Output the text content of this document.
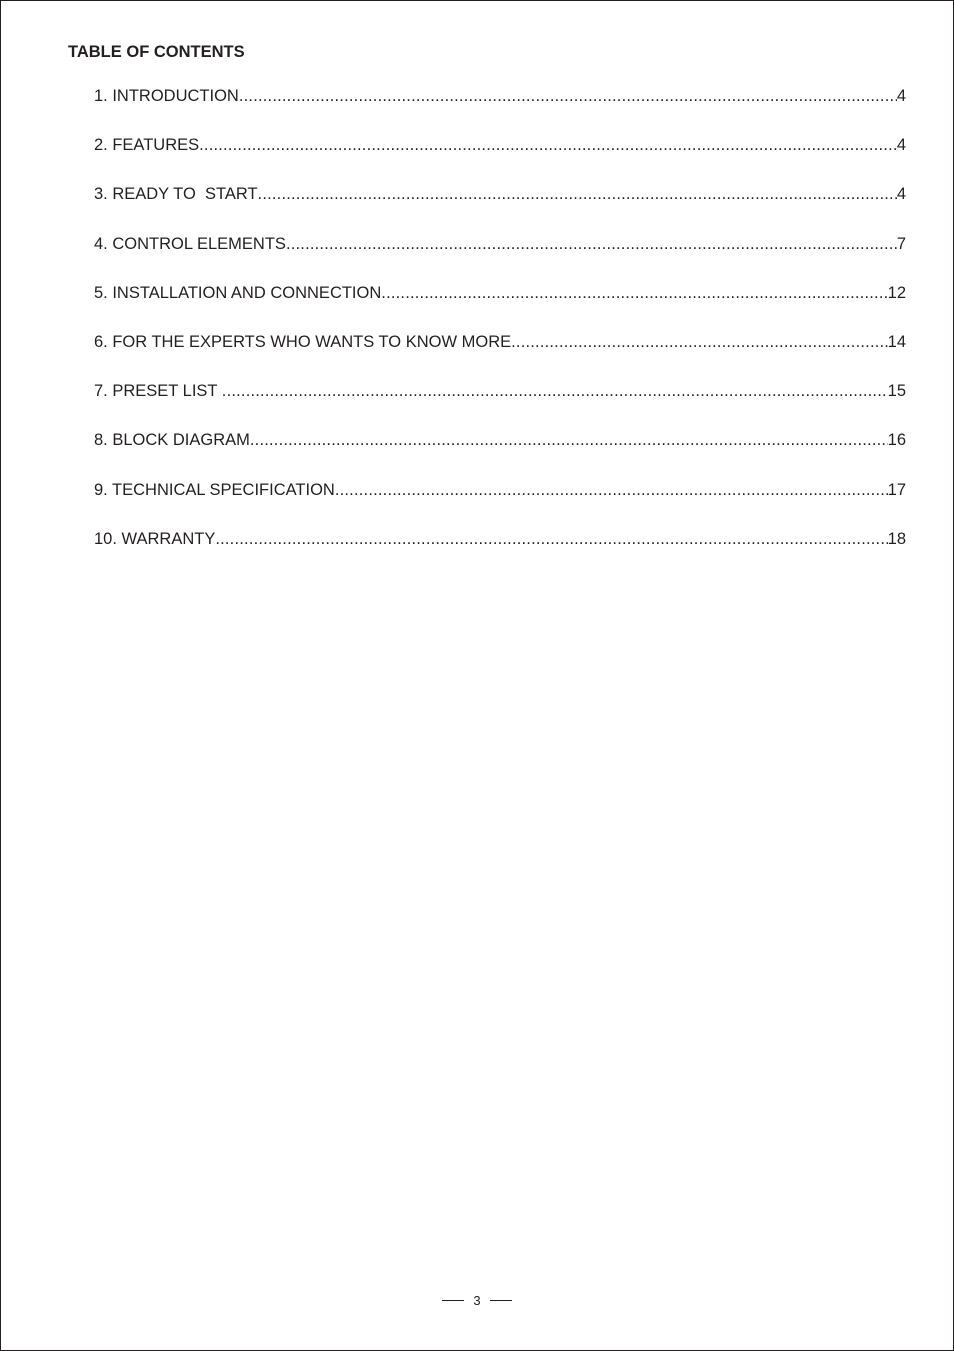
TABLE OF CONTENTS
1. INTRODUCTION .....	4
2. FEATURES .....	4
3. READY TO  START .....	4
4. CONTROL ELEMENTS .....	7
5. INSTALLATION AND CONNECTION .....	12
6. FOR THE EXPERTS WHO WANTS TO KNOW MORE .....	14
7. PRESET LIST .....	15
8. BLOCK DIAGRAM .....	16
9. TECHNICAL SPECIFICATION .....	17
10. WARRANTY .....	18
3
